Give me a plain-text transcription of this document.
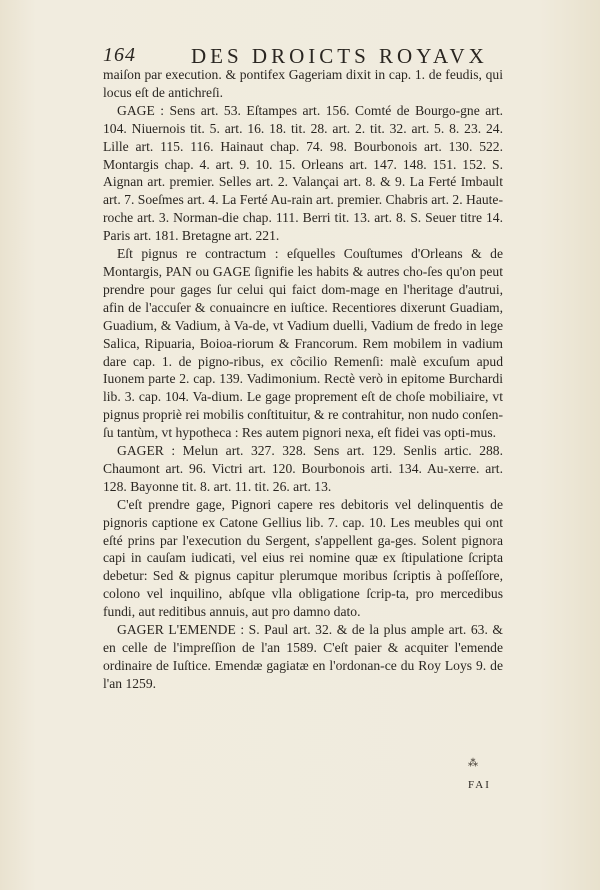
164	DES DROICTS ROYAVX

maiſon par execution. & pontifex Gageriam dixit in cap. 1. de feudis, qui locus eſt de antichreſi.

GAGE : Sens art. 53. Eſtampes art. 156. Comté de Bourgo-gne art. 104. Niuernois tit. 5. art. 16. 18. tit. 28. art. 2. tit. 32. art. 5. 8. 23. 24. Lille art. 115. 116. Hainaut chap. 74. 98. Bourbonois art. 130. 522. Montargis chap. 4. art. 9. 10. 15. Orleans art. 147. 148. 151. 152. S. Aignan art. premier. Selles art. 2. Valançai art. 8. & 9. La Ferté Imbault art. 7. Soeſmes art. 4. La Ferté Au-rain art. premier. Chabris art. 2. Haute-roche art. 3. Norman-die chap. 111. Berri tit. 13. art. 8. S. Seuer titre 14. Paris art. 181. Bretagne art. 221.

Eſt pignus re contractum : eſquelles Couſtumes d'Orleans & de Montargis, PAN ou GAGE ſignifie les habits & autres cho-ſes qu'on peut prendre pour gages ſur celui qui faict dom-mage en l'heritage d'autrui, afin de l'accuſer & conuaincre en iuſtice. Recentiores dixerunt Guadiam, Guadium, & Vadium, à Va-de, vt Vadium duelli, Vadium de fredo in lege Salica, Ripuaria, Boioa-riorum & Francorum. Rem mobilem in vadium dare cap. 1. de pigno-ribus, ex cõcilio Remenſi: malè excuſum apud Iuonem parte 2. cap. 139. Vadimonium. Rectè verò in epitome Burchardi lib. 3. cap. 104. Va-dium. Le gage proprement eſt de choſe mobiliaire, vt pignus propriè rei mobilis conſtituitur, & re contrahitur, non nudo conſen-ſu tantùm, vt hypotheca : Res autem pignori nexa, eſt fidei vas opti-mus.

GAGER : Melun art. 327. 328. Sens art. 129. Senlis artic. 288. Chaumont art. 96. Victri art. 120. Bourbonois arti. 134. Au-xerre. art. 128. Bayonne tit. 8. art. 11. tit. 26. art. 13.

C'eſt prendre gage, Pignori capere res debitoris vel delinquentis de pignoris captione ex Catone Gellius lib. 7. cap. 10. Les meubles qui ont eſté prins par l'execution du Sergent, s'appellent ga-ges. Solent pignora capi in cauſam iudicati, vel eius rei nomine quæ ex ſtipulatione ſcripta debetur: Sed & pignus capitur plerumque moribus ſcriptis à poſſeſſore, colono vel inquilino, abſque vlla obligatione ſcrip-ta, pro mercedibus fundi, aut reditibus annuis, aut pro damno dato.

GAGER L'EMENDE : S. Paul art. 32. & de la plus ample art. 63. & en celle de l'impreſſion de l'an 1589. C'eſt paier & acquiter l'emende ordinaire de Iuſtice. Emendæ gagiatæ en l'ordonan-ce du Roy Loys 9. de l'an 1259.

⁂
FAI
